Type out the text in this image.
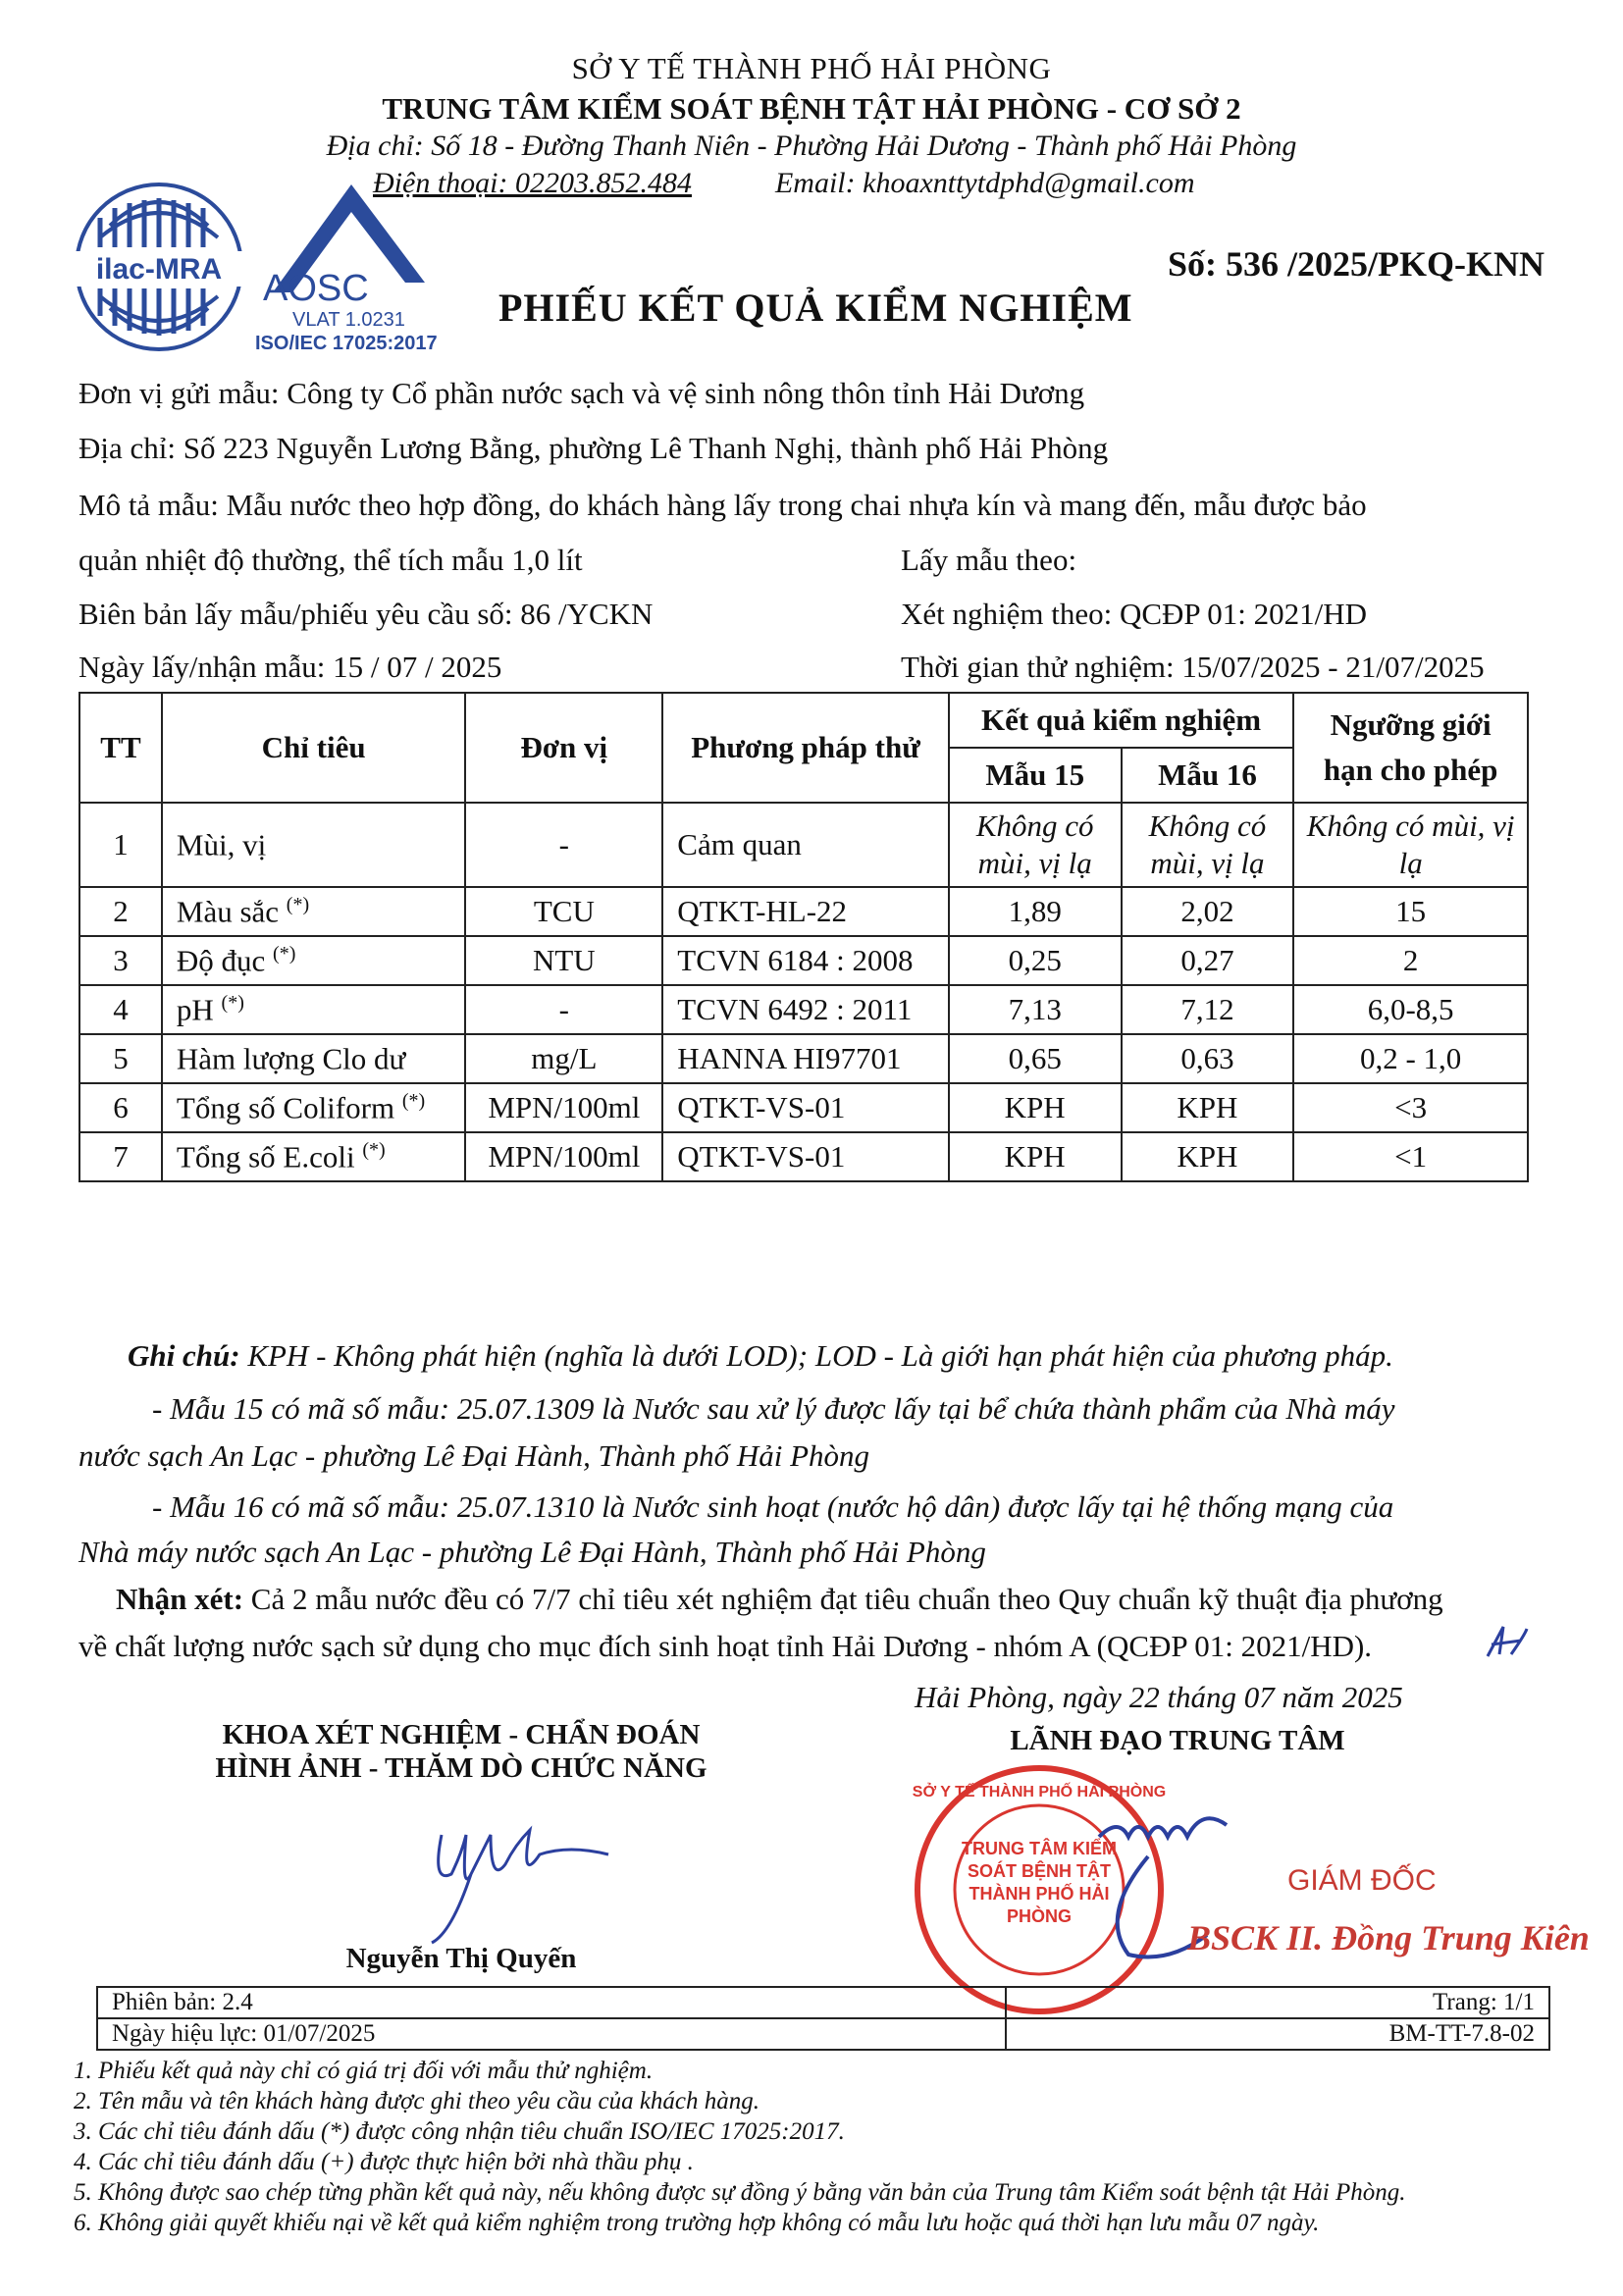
SỞ Y TẾ THÀNH PHỐ HẢI PHÒNG
TRUNG TÂM KIỂM SOÁT BỆNH TẬT HẢI PHÒNG - CƠ SỞ 2
Địa chỉ: Số 18 - Đường Thanh Niên - Phường Hải Dương - Thành phố Hải Phòng
Điện thoại: 02203.852.484	Email: khoaxnttytdphd@gmail.com
ilac-MRA AOSC
VLAT 1.0231
ISO/IEC 17025:2017
Số: 536 /2025/PKQ-KNN
PHIẾU KẾT QUẢ KIỂM NGHIỆM
Đơn vị gửi mẫu: Công ty Cổ phần nước sạch và vệ sinh nông thôn tỉnh Hải Dương
Địa chỉ: Số 223 Nguyễn Lương Bằng, phường Lê Thanh Nghị, thành phố Hải Phòng
Mô tả mẫu: Mẫu nước theo hợp đồng, do khách hàng lấy trong chai nhựa kín và mang đến, mẫu được bảo
quản nhiệt độ thường, thể tích mẫu 1,0 lít	Lấy mẫu theo:
Biên bản lấy mẫu/phiếu yêu cầu số: 86 /YCKN	Xét nghiệm theo: QCĐP 01: 2021/HD
Ngày lấy/nhận mẫu: 15 / 07 / 2025	Thời gian thử nghiệm: 15/07/2025 - 21/07/2025
TT	Chỉ tiêu	Đơn vị	Phương pháp thử	Kết quả kiểm nghiệm		Ngưỡng giới
hạn cho phép
				Mẫu 15	Mẫu 16	
1	Mùi, vị	-	Cảm quan	Không có mùi, vị lạ	Không có mùi, vị lạ	Không có mùi, vị lạ
2	Màu sắc (*)	TCU	QTKT-HL-22	1,89	2,02	15
3	Độ đục (*)	NTU	TCVN 6184 : 2008	0,25	0,27	2
4	pH (*)	-	TCVN 6492 : 2011	7,13	7,12	6,0-8,5
5	Hàm lượng Clo dư	mg/L	HANNA HI97701	0,65	0,63	0,2 - 1,0
6	Tổng số Coliform (*)	MPN/100ml	QTKT-VS-01	KPH	KPH	<3
7	Tổng số E.coli (*)	MPN/100ml	QTKT-VS-01	KPH	KPH	<1
Ghi chú: KPH - Không phát hiện (nghĩa là dưới LOD); LOD - Là giới hạn phát hiện của phương pháp.
- Mẫu 15 có mã số mẫu: 25.07.1309 là Nước sau xử lý được lấy tại bể chứa thành phẩm của Nhà máy
nước sạch An Lạc - phường Lê Đại Hành, Thành phố Hải Phòng
- Mẫu 16 có mã số mẫu: 25.07.1310 là Nước sinh hoạt (nước hộ dân) được lấy tại hệ thống mạng của
Nhà máy nước sạch An Lạc - phường Lê Đại Hành, Thành phố Hải Phòng
Nhận xét: Cả 2 mẫu nước đều có 7/7 chỉ tiêu xét nghiệm đạt tiêu chuẩn theo Quy chuẩn kỹ thuật địa phương
về chất lượng nước sạch sử dụng cho mục đích sinh hoạt tỉnh Hải Dương - nhóm A (QCĐP 01: 2021/HD).
Hải Phòng, ngày 22 tháng 07 năm 2025
KHOA XÉT NGHIỆM - CHẨN ĐOÁN
HÌNH ẢNH - THĂM DÒ CHỨC NĂNG
LÃNH ĐẠO TRUNG TÂM
Nguyễn Thị Quyến
SỞ Y TẾ THÀNH PHỐ HẢI PHÒNG
TRUNG TÂM KIỂM SOÁT BỆNH TẬT THÀNH PHỐ HẢI PHÒNG
GIÁM ĐỐC
BSCK II. Đồng Trung Kiên
Phiên bản: 2.4	Trang: 1/1
Ngày hiệu lực: 01/07/2025	BM-TT-7.8-02
1. Phiếu kết quả này chỉ có giá trị đối với mẫu thử nghiệm.
2. Tên mẫu và tên khách hàng được ghi theo yêu cầu của khách hàng.
3. Các chỉ tiêu đánh dấu (*) được công nhận tiêu chuẩn ISO/IEC 17025:2017.
4. Các chỉ tiêu đánh dấu (+) được thực hiện bởi nhà thầu phụ .
5. Không được sao chép từng phần kết quả này, nếu không được sự đồng ý bằng văn bản của Trung tâm Kiểm soát bệnh tật Hải Phòng.
6. Không giải quyết khiếu nại về kết quả kiểm nghiệm trong trường hợp không có mẫu lưu hoặc quá thời hạn lưu mẫu 07 ngày.
